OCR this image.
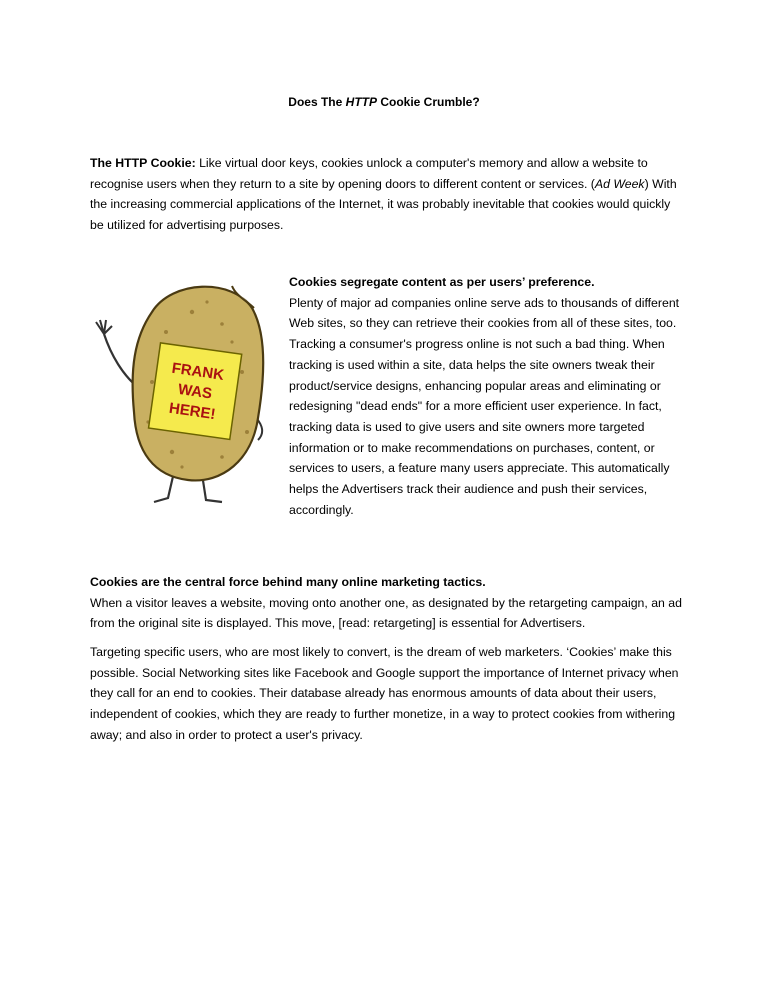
Does The HTTP Cookie Crumble?
The HTTP Cookie: Like virtual door keys, cookies unlock a computer's memory and allow a website to recognise users when they return to a site by opening doors to different content or services. (Ad Week) With the increasing commercial applications of the Internet, it was probably inevitable that cookies would quickly be utilized for advertising purposes.
FRANK
WAS
HERE!
Cookies segregate content as per users’ preference.
Plenty of major ad companies online serve ads to thousands of different Web sites, so they can retrieve their cookies from all of these sites, too. Tracking a consumer's progress online is not such a bad thing. When tracking is used within a site, data helps the site owners tweak their product/service designs, enhancing popular areas and eliminating or redesigning "dead ends" for a more efficient user experience. In fact, tracking data is used to give users and site owners more targeted information or to make recommendations on purchases, content, or services to users, a feature many users appreciate. This automatically helps the Advertisers track their audience and push their services, accordingly.
Cookies are the central force behind many online marketing tactics.
When a visitor leaves a website, moving onto another one, as designated by the retargeting campaign, an ad from the original site is displayed. This move, [read: retargeting] is essential for Advertisers.
Targeting specific users, who are most likely to convert, is the dream of web marketers. ‘Cookies’ make this possible. Social Networking sites like Facebook and Google support the importance of Internet privacy when they call for an end to cookies. Their database already has enormous amounts of data about their users, independent of cookies, which they are ready to further monetize, in a way to protect cookies from withering away; and also in order to protect a user's privacy.
